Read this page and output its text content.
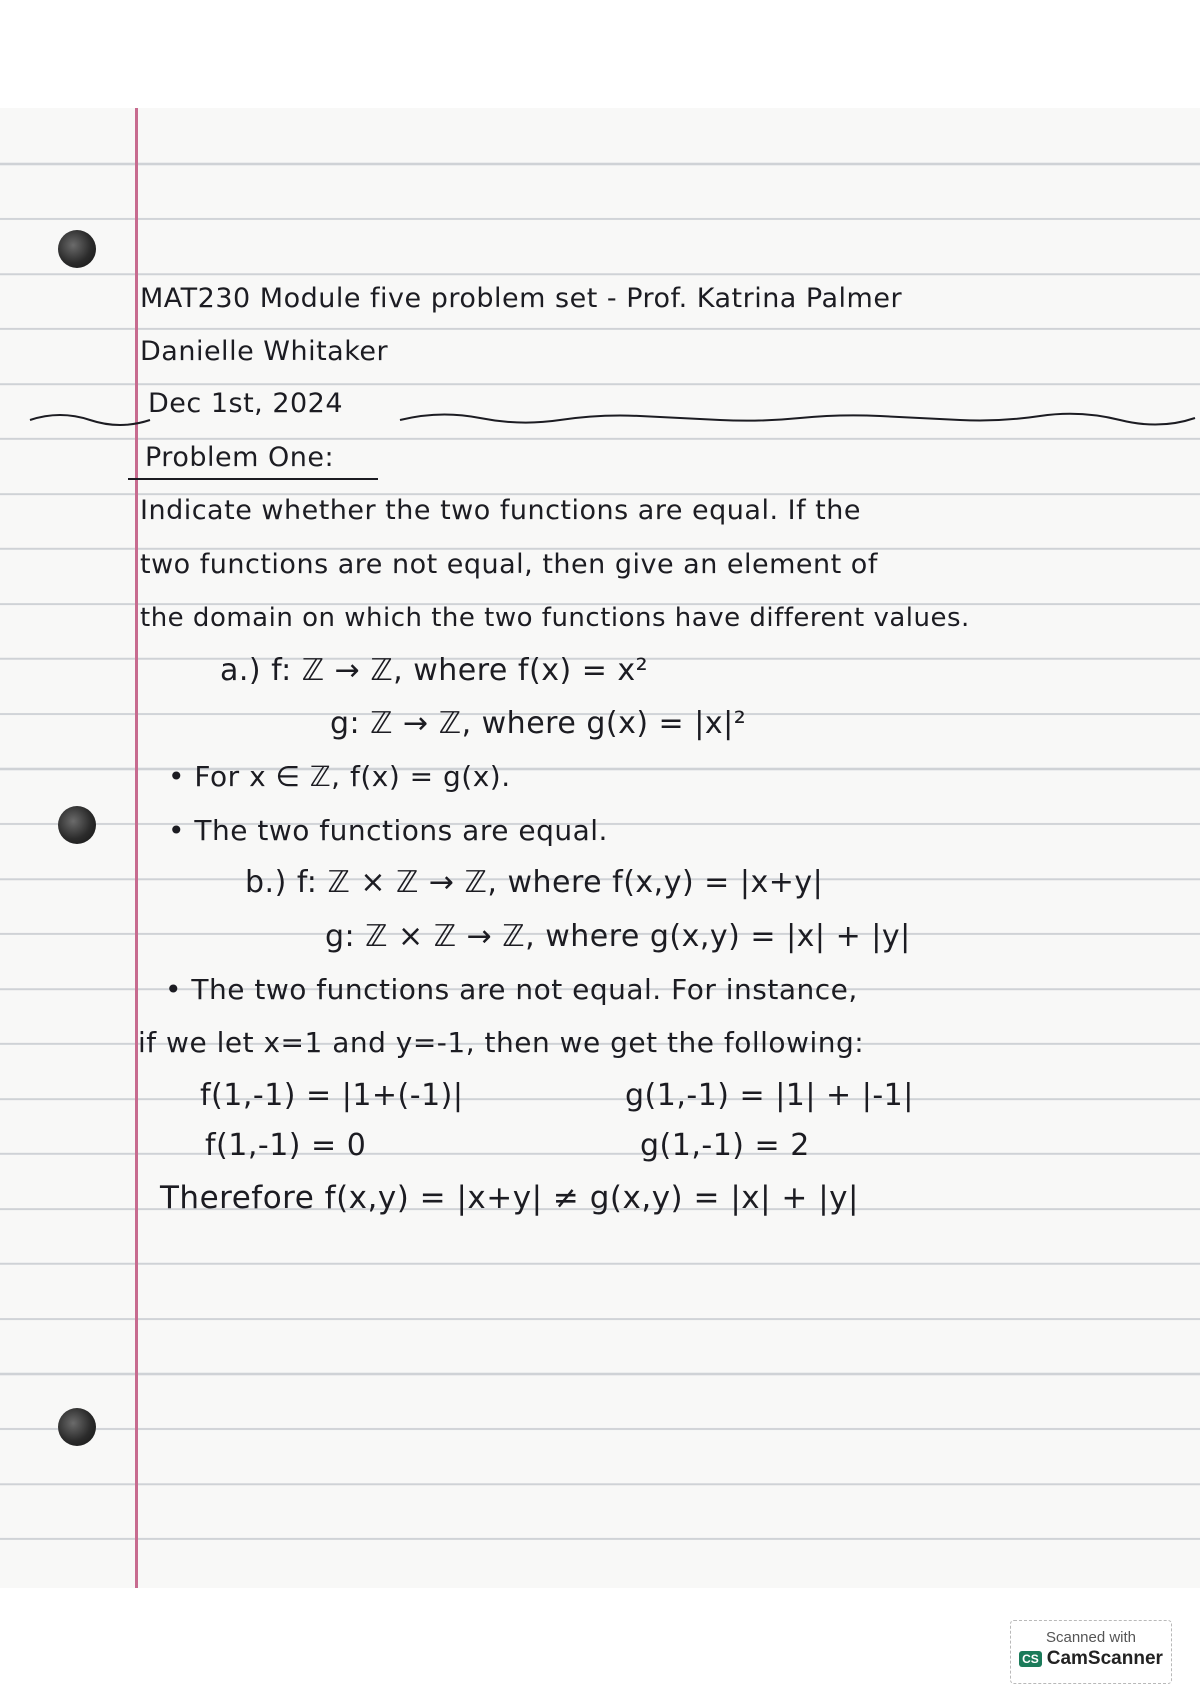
MAT230 Module five problem set - Prof. Katrina Palmer
Danielle Whitaker
Dec 1st, 2024
Problem One:
Indicate whether the two functions are equal. If the
two functions are not equal, then give an element of
the domain on which the two functions have different values.
a.) f: ℤ → ℤ, where f(x) = x²
g: ℤ → ℤ, where g(x) = |x|²
• For x ∈ ℤ, f(x) = g(x).
• The two functions are equal.
b.) f: ℤ × ℤ → ℤ, where f(x,y) = |x+y|
g: ℤ × ℤ → ℤ, where g(x,y) = |x| + |y|
• The two functions are not equal. For instance,
if we let x=1 and y=-1, then we get the following:
f(1,-1) = |1+(-1)|	g(1,-1) = |1| + |-1|
f(1,-1) = 0	g(1,-1) = 2
Therefore f(x,y) = |x+y| ≠ g(x,y) = |x| + |y|
Scanned with
CS CamScanner
